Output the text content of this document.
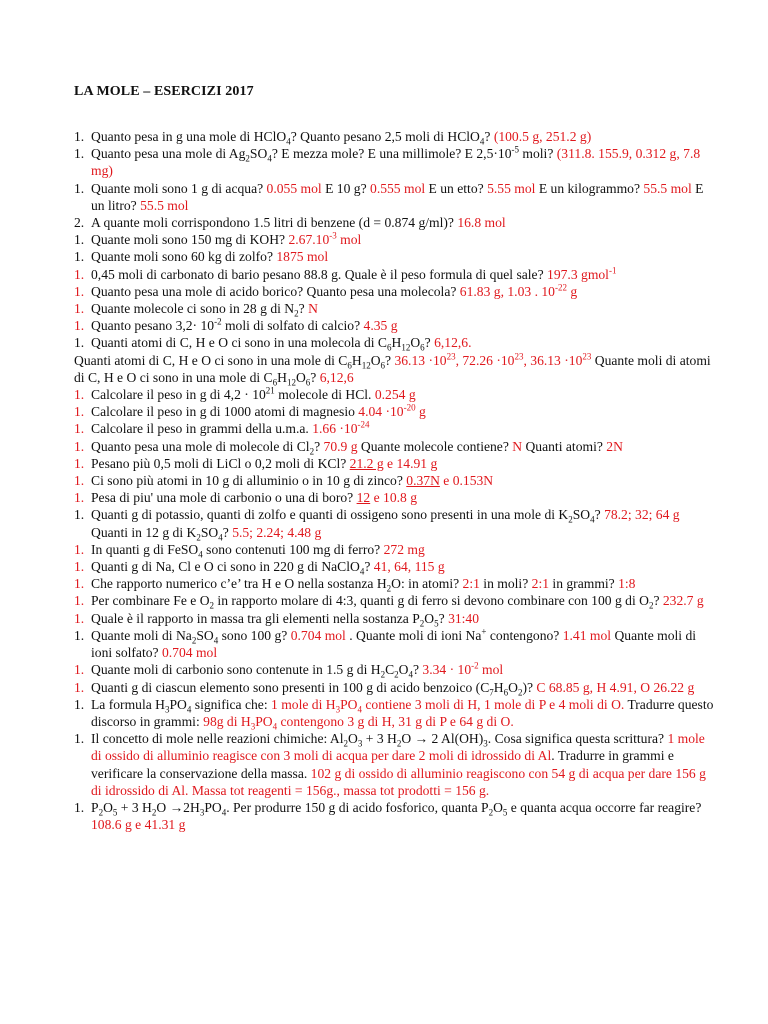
LA MOLE – ESERCIZI 2017
1. Quanto pesa in g una mole di HClO$_4$? Quanto pesano 2,5 moli di HClO$_4$? (100.5 g, 251.2 g)
1. Quanto pesa una mole di $Ag_2SO_4$? E mezza mole? E una millimole? E $2,5\cdot 10^{-5}$ moli? (311.8. 155.9, 0.312 g, 7.8 mg)
1. Quante moli sono 1 g di acqua? 0.055 mol E 10 g? 0.555 mol E un etto? 5.55 mol E un kilogrammo? 55.5 mol E un litro? 55.5 mol
2. A quante moli corrispondono 1.5 litri di benzene (d = 0.874 g/ml)? 16.8 mol
1. Quante moli sono 150 mg di KOH? $2.67.10^{-3}$ mol
1. Quante moli sono 60 kg di zolfo? 1875 mol
1. 0,45 moli di carbonato di bario pesano 88.8 g. Quale è il peso formula di quel sale? 197.3 gmol$^{-1}$
1. Quanto pesa una mole di acido borico? Quanto pesa una molecola? 61.83 g, 1.03 . $10^{-22}$ g
1. Quante molecole ci sono in 28 g di $N_2$? N
1. Quanto pesano $3,2\cdot 10^{-2}$ moli di solfato di calcio? 4.35 g
1. Quanti atomi di C, H e O ci sono in una molecola di $C_6H_{12}O_6$? 6,12,6.
Quanti atomi di C, H e O ci sono in una mole di $C_6H_{12}O_6$? $36.13 \cdot 10^{23}$, $72.26 \cdot 10^{23}$, $36.13 \cdot 10^{23}$ Quante moli di atomi di C, H e O ci sono in una mole di $C_6H_{12}O_6$? 6,12,6
1. Calcolare il peso in g di $4,2 \cdot 10^{21}$ molecole di HCl. 0.254 g
1. Calcolare il peso in g di 1000 atomi di magnesio $4.04 \cdot 10^{-20}$ g
1. Calcolare il peso in grammi della u.m.a. $1.66 \cdot 10^{-24}$
1. Quanto pesa una mole di molecole di $Cl_2$? 70.9 g Quante molecole contiene? N Quanti atomi? 2N
1. Pesano più 0,5 moli di LiCl o 0,2 moli di KCl? 21.2 g e 14.91 g
1. Ci sono più atomi in 10 g di alluminio o in 10 g di zinco? 0.37N e 0.153N
1. Pesa di piu' una mole di carbonio o una di boro? 12 e 10.8 g
1. Quanti g di potassio, quanti di zolfo e quanti di ossigeno sono presenti in una mole di $K_2SO_4$? 78.2; 32; 64 g Quanti in 12 g di $K_2SO_4$? 5.5; 2.24; 4.48 g
1. In quanti g di FeSO$_4$ sono contenuti 100 mg di ferro? 272 mg
1. Quanti g di Na, Cl e O ci sono in 220 g di NaClO$_4$? 41, 64, 115 g
1. Che rapporto numerico c’e’ tra H e O nella sostanza $H_2O$: in atomi? 2:1 in moli? 2:1 in grammi? 1:8
1. Per combinare Fe e $O_2$ in rapporto molare di 4:3, quanti g di ferro si devono combinare con 100 g di $O_2$? 232.7 g
1. Quale è il rapporto in massa tra gli elementi nella sostanza $P_2O_5$? 31:40
1. Quante moli di $Na_2SO_4$ sono 100 g? 0.704 mol . Quante moli di ioni Na+ contengono? 1.41 mol Quante moli di ioni solfato? 0.704 mol
1. Quante moli di carbonio sono contenute in 1.5 g di $H_2C_2O_4$? $3.34 \cdot 10^{-2}$ mol
1. Quanti g di ciascun elemento sono presenti in 100 g di acido benzoico $(C_7H_6O_2)$? C 68.85 g, H 4.91, O 26.22 g
1. La formula $H_3PO_4$ significa che: 1 mole di $H_3PO_4$ contiene 3 moli di H, 1 mole di P e 4 moli di O. Tradurre questo discorso in grammi: 98g di $H_3PO_4$ contengono 3 g di H, 31 g di P e 64 g di O.
1. Il concetto di mole nelle reazioni chimiche: $Al_2O_3 + 3$ $H_2O \to 2$ $Al(OH)_3$. Cosa significa questa scrittura? 1 mole di ossido di alluminio reagisce con 3 moli di acqua per dare 2 moli di idrossido di Al. Tradurre in grammi e verificare la conservazione della massa. 102 g di ossido di alluminio reagiscono con 54 g di acqua per dare 156 g di idrossido di Al. Massa tot reagenti = 156g., massa tot prodotti = 156 g.
1. $P_2O_5 + 3$ $H_2O \to 2H_3PO_4$. Per produrre 150 g di acido fosforico, quanta $P_2O_5$ e quanta acqua occorre far reagire? 108.6 g e 41.31 g
